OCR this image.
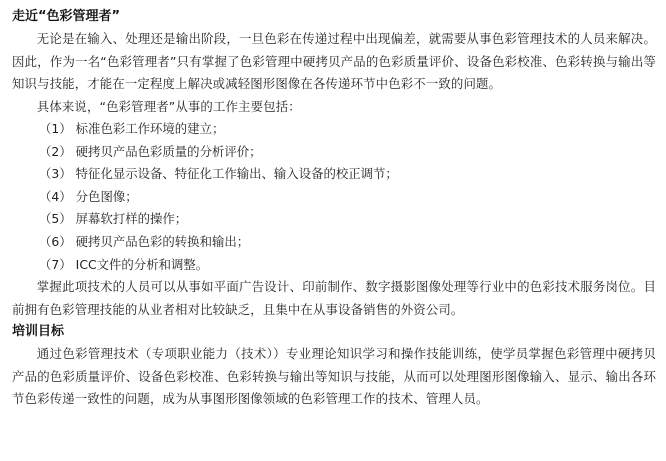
走近“色彩管理者”

无论是在输入、处理还是输出阶段，一旦色彩在传递过程中出现偏差，就需要从事色彩管理技术的人员来解决。因此，作为一名“色彩管理者”只有掌握了色彩管理中硬拷贝产品的色彩质量评价、设备色彩校准、色彩转换与输出等知识与技能，才能在一定程度上解决或减轻图形图像在各传递环节中色彩不一致的问题。

具体来说，“色彩管理者”从事的工作主要包括：

（1） 标准色彩工作环境的建立；
（2） 硬拷贝产品色彩质量的分析评价；
（3） 特征化显示设备、特征化工作输出、输入设备的校正调节；
（4） 分色图像；
（5） 屏幕软打样的操作；
（6） 硬拷贝产品色彩的转换和输出；
（7） ICC文件的分析和调整。

掌握此项技术的人员可以从事如平面广告设计、印前制作、数字摄影图像处理等行业中的色彩技术服务岗位。目前拥有色彩管理技能的从业者相对比较缺乏，且集中在从事设备销售的外资公司。

培训目标

通过色彩管理技术（专项职业能力（技术））专业理论知识学习和操作技能训练，使学员掌握色彩管理中硬拷贝产品的色彩质量评价、设备色彩校准、色彩转换与输出等知识与技能，从而可以处理图形图像输入、显示、输出各环节色彩传递一致性的问题，成为从事图形图像领域的色彩管理工作的技术、管理人员。
